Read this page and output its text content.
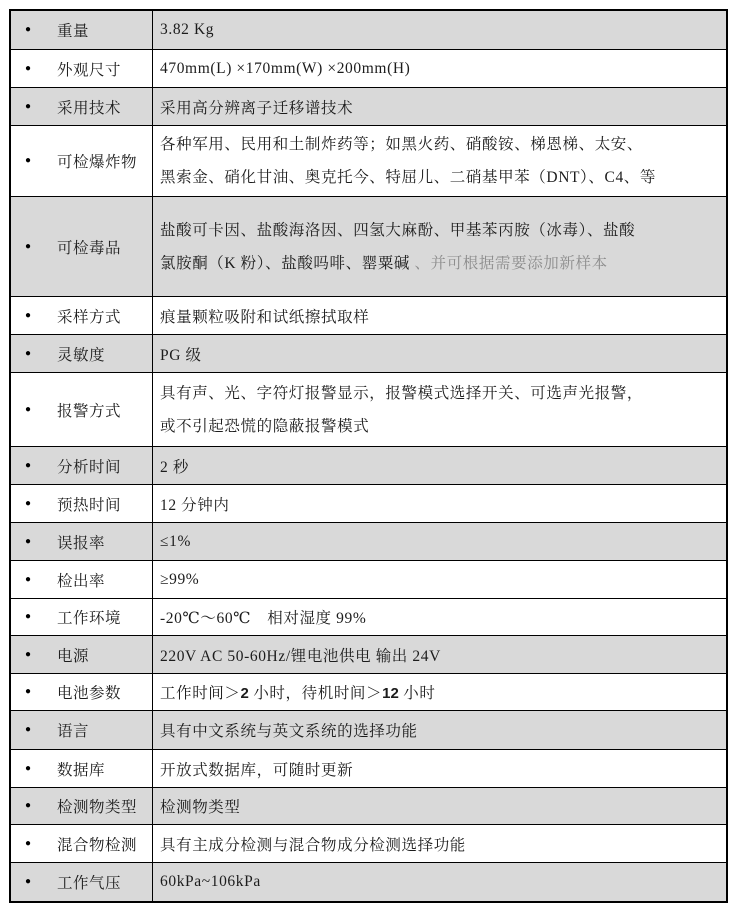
● 重量	3.82 Kg
● 外观尺寸	470mm(L) ×170mm(W) ×200mm(H)
● 采用技术	采用高分辨离子迁移谱技术
● 可检爆炸物
各种军用、民用和土制炸药等；如黑火药、硝酸铵、梯恩梯、太安、
黑索金、硝化甘油、奥克托今、特屈儿、二硝基甲苯（DNT）、C4、等
● 可检毒品
盐酸可卡因、盐酸海洛因、四氢大麻酚、甲基苯丙胺（冰毒）、盐酸
氯胺酮（K 粉）、盐酸吗啡、罂粟碱 、并可根据需要添加新样本
● 采样方式	痕量颗粒吸附和试纸擦拭取样
● 灵敏度	PG 级
● 报警方式
具有声、光、字符灯报警显示，报警模式选择开关、可选声光报警，
或不引起恐慌的隐蔽报警模式
● 分析时间	2 秒
● 预热时间	12 分钟内
● 误报率	≤1%
● 检出率	≥99%
● 工作环境	-20℃～60℃　相对湿度 99%
● 电源	220V AC 50-60Hz/锂电池供电 输出 24V
● 电池参数	工作时间＞2 小时，待机时间＞12 小时
● 语言	具有中文系统与英文系统的选择功能
● 数据库	开放式数据库，可随时更新
● 检测物类型 检测物类型
● 混合物检测 具有主成分检测与混合物成分检测选择功能
● 工作气压	60kPa~106kPa
